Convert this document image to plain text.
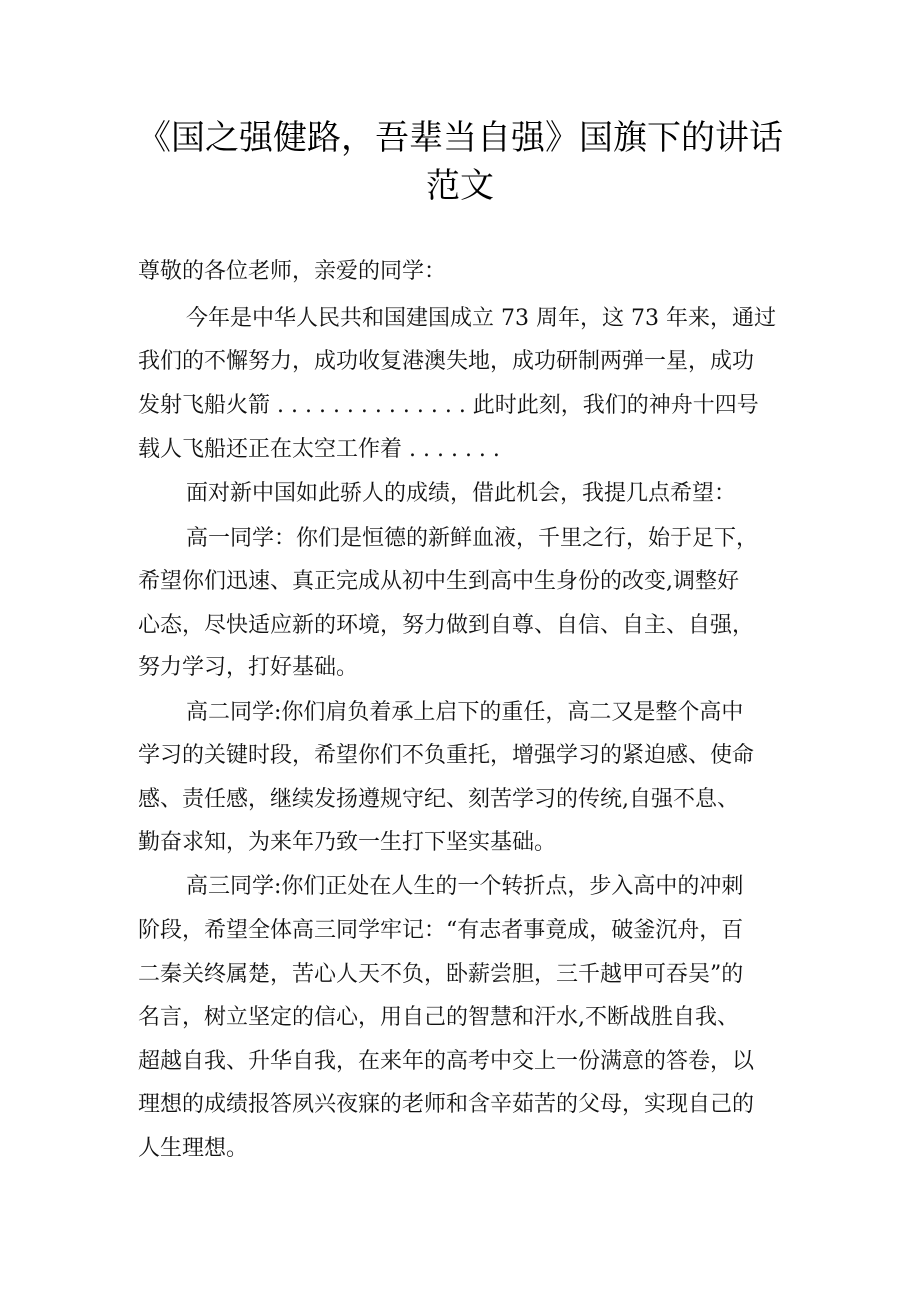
《国之强健路，吾辈当自强》国旗下的讲话
范文
尊敬的各位老师，亲爱的同学：
今年是中华人民共和国建国成立 73 周年，这 73 年来，通过
我们的不懈努力，成功收复港澳失地，成功研制两弹一星，成功
发射飞船火箭 . . . . . . . . . . . . . . 此时此刻，我们的神舟十四号
载人飞船还正在太空工作着 . . . . . . .
面对新中国如此骄人的成绩，借此机会，我提几点希望：
高一同学：你们是恒德的新鲜血液，千里之行，始于足下，
希望你们迅速、真正完成从初中生到高中生身份的改变,调整好
心态，尽快适应新的环境，努力做到自尊、自信、自主、自强，
努力学习，打好基础。
高二同学:你们肩负着承上启下的重任，高二又是整个高中
学习的关键时段，希望你们不负重托，增强学习的紧迫感、使命
感、责任感，继续发扬遵规守纪、刻苦学习的传统,自强不息、
勤奋求知，为来年乃致一生打下坚实基础。
高三同学:你们正处在人生的一个转折点，步入高中的冲刺
阶段，希望全体高三同学牢记：“有志者事竟成，破釜沉舟，百
二秦关终属楚，苦心人天不负，卧薪尝胆，三千越甲可吞吴”的
名言，树立坚定的信心，用自己的智慧和汗水,不断战胜自我、
超越自我、升华自我，在来年的高考中交上一份满意的答卷，以
理想的成绩报答夙兴夜寐的老师和含辛茹苦的父母，实现自己的
人生理想。
